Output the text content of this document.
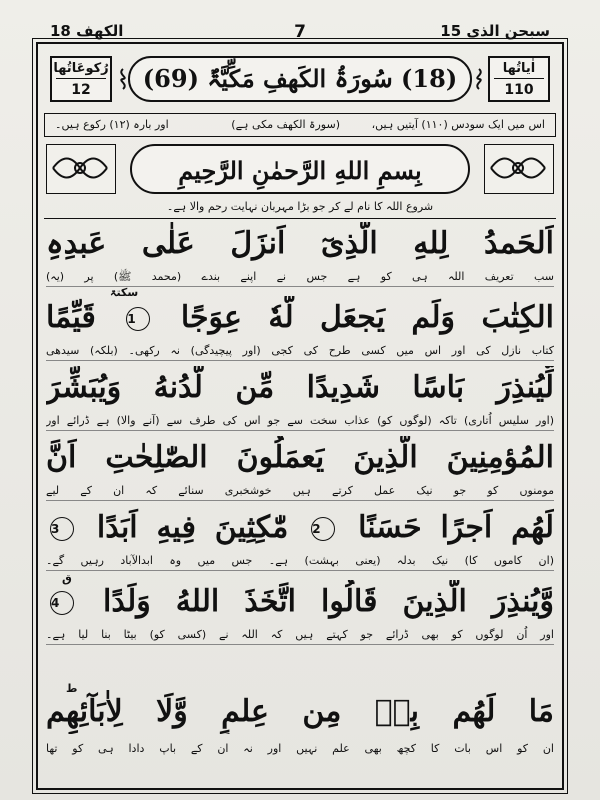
الکھف 18	7	سبحن الذی 15
رُکوعَاتُھا
12	(18) سُورَۃُ الکَھفِ مَکِّیَّۃٌ (69)	اٰیاتُھا
110
اس میں ایک سودس (۱۱۰) آیتیں ہیں،
(سورۃ الکھف مکی ہے)
اور بارہ (۱۲) رکوع ہیں۔
بِسمِ اللهِ الرَّحمٰنِ الرَّحِيمِ
شروع اللہ کا نام لے کر جو بڑا مہربان نہایت رحم والا ہے۔
اَلحَمدُ لِلهِ الَّذِیٓ اَنزَلَ عَلٰی عَبدِہِ
سب تعریف اللہ ہی کو ہے جس نے اپنے بندے (محمد ﷺ) پر (یہ)
سکتۃ
الكِتٰبَ وَلَم يَجعَل لَّهٗ عِوَجًا 1 قَيِّمًا
کتاب نازل کی اور اس میں کسی طرح کی کجی (اور پیچیدگی) نہ رکھی۔ (بلکہ) سیدھی
لِّيُنذِرَ بَاسًا شَدِيدًا مِّن لَّدُنهُ وَيُبَشِّرَ
(اور سلیس اُتاری) تاکہ (لوگوں کو) عذاب سخت سے جو اس کی طرف سے (آنے والا) ہے ڈرائے اور
المُؤمِنِينَ الَّذِينَ يَعمَلُونَ الصّٰلِحٰتِ اَنَّ
مومنوں کو جو نیک عمل کرتے ہیں خوشخبری سنائے کہ ان کے لیے
لَهُم اَجرًا حَسَنًا 2 مّٰكِثِينَ فِيهِ اَبَدًا 3
(ان کاموں کا) نیک بدلہ (یعنی بہشت) ہے۔ جس میں وہ ابدالآباد رہیں گے۔
ق
وَّيُنذِرَ الَّذِينَ قَالُوا اتَّخَذَ اللهُ وَلَدًا 4
اور اُن لوگوں کو بھی ڈرائے جو کہتے ہیں کہ اللہ نے (کسی کو) بیٹا بنا لیا ہے۔
ط
مَا لَهُم بِهٖ مِن عِلمٍ وَّلَا لِاٰبَآئِهِم
ان کو اس بات کا کچھ بھی علم نہیں اور نہ ان کے باپ دادا ہی کو تھا
